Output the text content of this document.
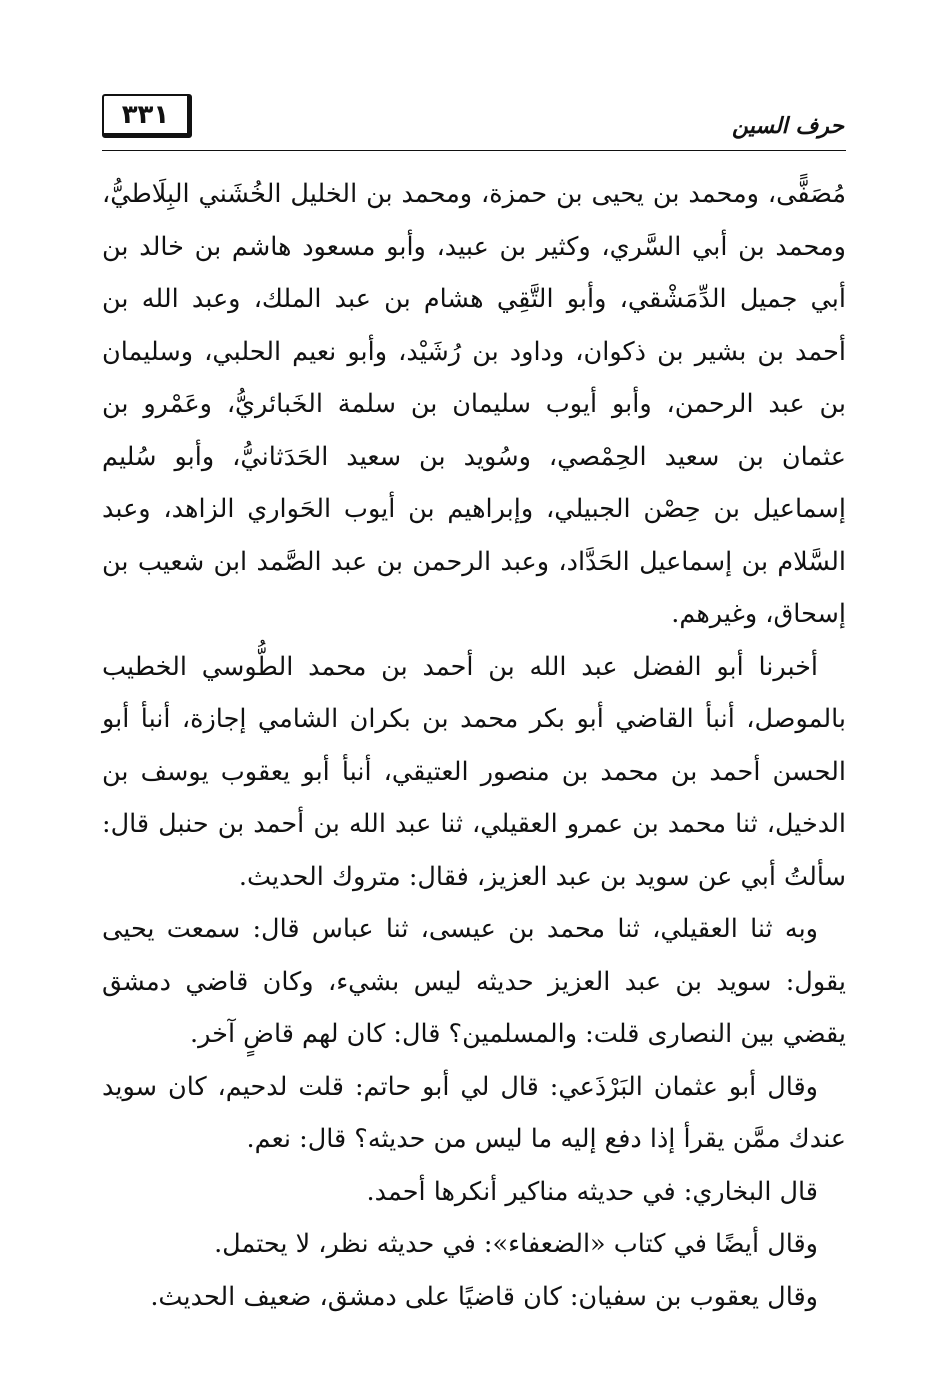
٣٣١	حرف السين

مُصَفًّى، ومحمد بن يحيى بن حمزة، ومحمد بن الخليل الخُشَني البِلَاطيُّ، ومحمد بن أبي السَّري، وكثير بن عبيد، وأبو مسعود هاشم بن خالد بن أبي جميل الدِّمَشْقي، وأبو التَّقِي هشام بن عبد الملك، وعبد الله بن أحمد بن بشير بن ذكوان، وداود بن رُشَيْد، وأبو نعيم الحلبي، وسليمان بن عبد الرحمن، وأبو أيوب سليمان بن سلمة الخَبائريُّ، وعَمْرو بن عثمان بن سعيد الحِمْصي، وسُويد بن سعيد الحَدَثانيُّ، وأبو سُليم إسماعيل بن حِصْن الجبيلي، وإبراهيم بن أيوب الحَواري الزاهد، وعبد السَّلام بن إسماعيل الحَدَّاد، وعبد الرحمن بن عبد الصَّمد ابن شعيب بن إسحاق، وغيرهم.

أخبرنا أبو الفضل عبد الله بن أحمد بن محمد الطُّوسي الخطيب بالموصل، أنبأ القاضي أبو بكر محمد بن بكران الشامي إجازة، أنبأ أبو الحسن أحمد بن محمد بن منصور العتيقي، أنبأ أبو يعقوب يوسف بن الدخيل، ثنا محمد بن عمرو العقيلي، ثنا عبد الله بن أحمد بن حنبل قال: سألتُ أبي عن سويد بن عبد العزيز، فقال: متروك الحديث.

وبه ثنا العقيلي، ثنا محمد بن عيسى، ثنا عباس قال: سمعت يحيى يقول: سويد بن عبد العزيز حديثه ليس بشيء، وكان قاضي دمشق يقضي بين النصارى قلت: والمسلمين؟ قال: كان لهم قاضٍ آخر.

وقال أبو عثمان البَرْذَعي: قال لي أبو حاتم: قلت لدحيم، كان سويد عندك ممَّن يقرأ إذا دفع إليه ما ليس من حديثه؟ قال: نعم.

قال البخاري: في حديثه مناكير أنكرها أحمد.

وقال أيضًا في كتاب «الضعفاء»: في حديثه نظر، لا يحتمل.

وقال يعقوب بن سفيان: كان قاضيًا على دمشق، ضعيف الحديث.
